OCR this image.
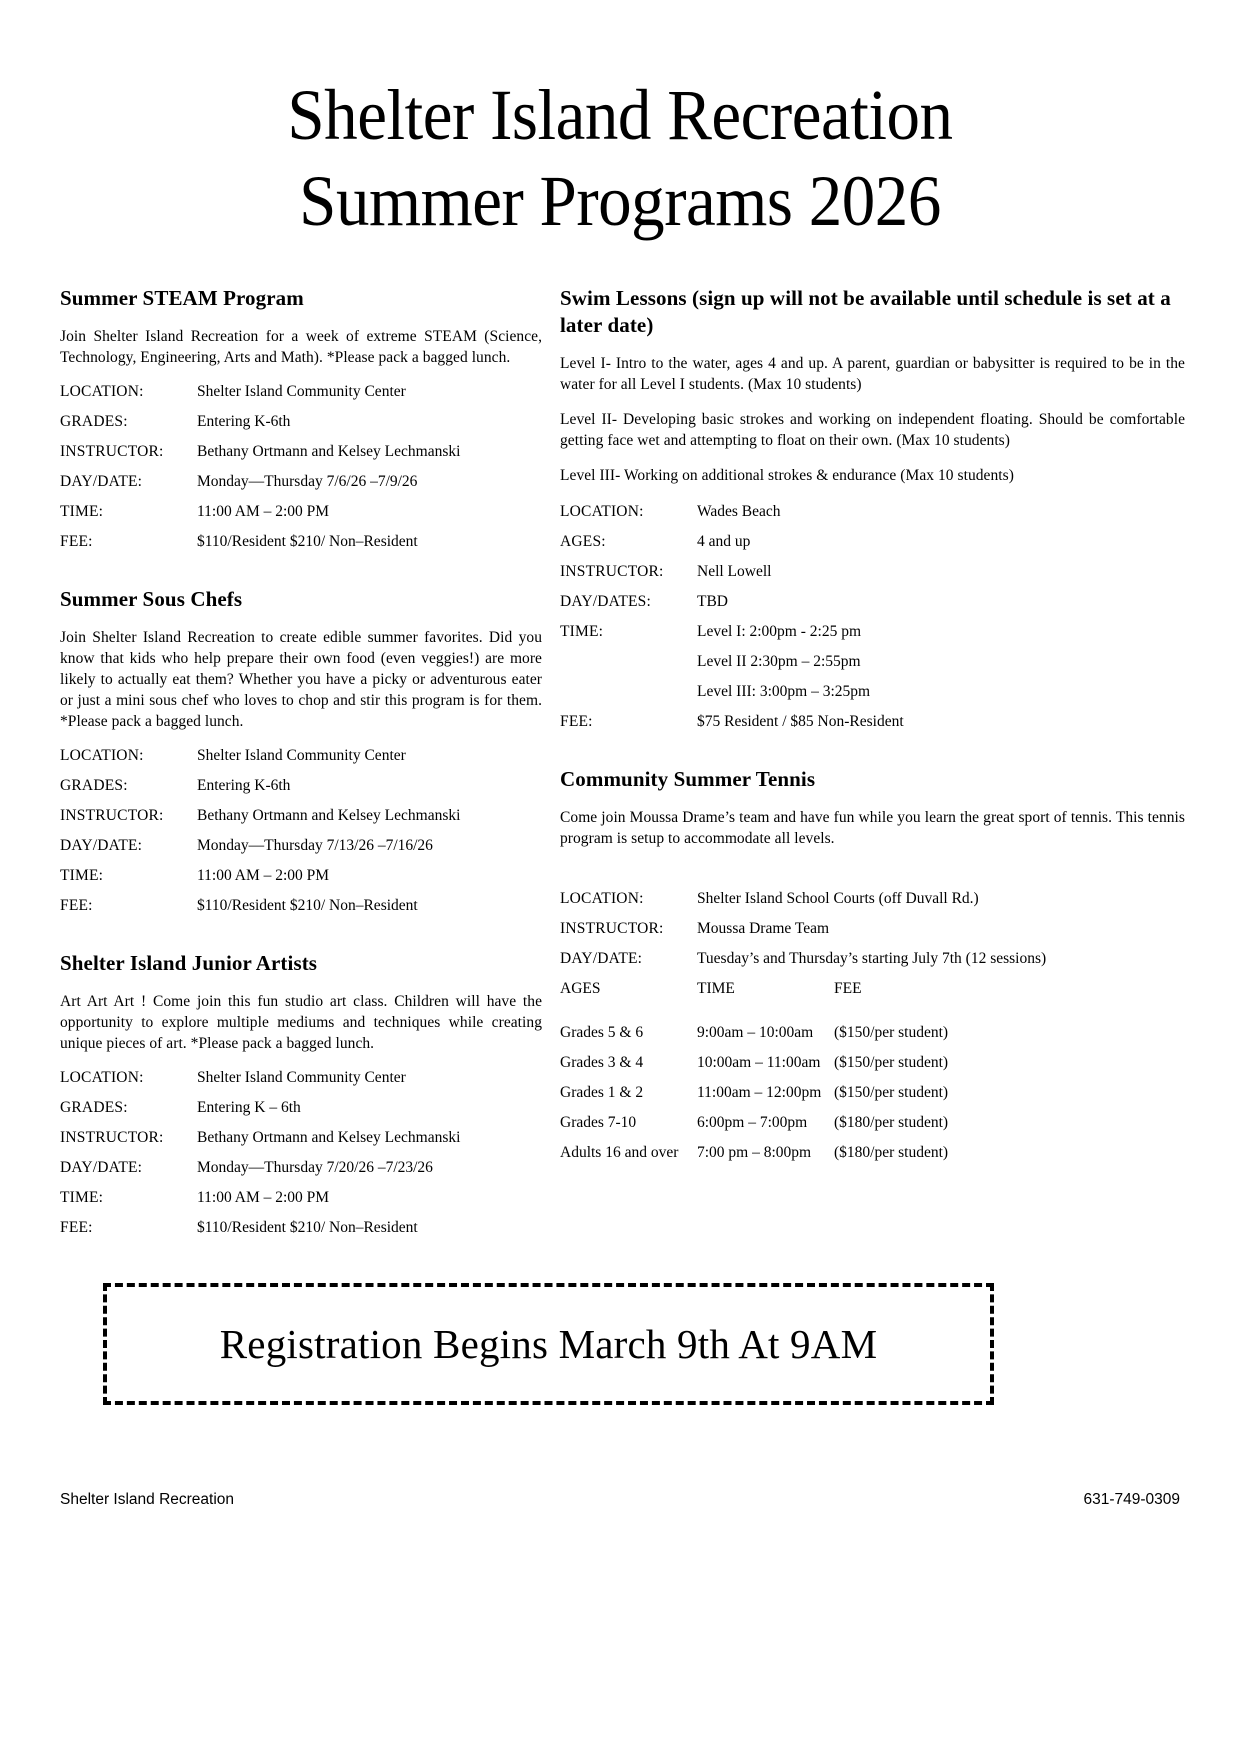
Shelter Island Recreation
Summer Programs 2026
Summer STEAM Program

Join Shelter Island Recreation for a week of extreme STEAM (Science, Technology, Engineering, Arts and Math). *Please pack a bagged lunch.

LOCATION:	Shelter Island Community Center
GRADES:	Entering K-6th
INSTRUCTOR:	Bethany Ortmann and Kelsey Lechmanski
DAY/DATE:	Monday—Thursday 7/6/26 –7/9/26
TIME:	11:00 AM – 2:00 PM
FEE:	$110/Resident $210/ Non–Resident
Summer Sous Chefs

Join Shelter Island Recreation to create edible summer favorites. Did you know that kids who help prepare their own food (even veggies!) are more likely to actually eat them? Whether you have a picky or adventurous eater or just a mini sous chef who loves to chop and stir this program is for them. *Please pack a bagged lunch.

LOCATION:	Shelter Island Community Center
GRADES:	Entering K-6th
INSTRUCTOR:	Bethany Ortmann and Kelsey Lechmanski
DAY/DATE:	Monday—Thursday 7/13/26 –7/16/26
TIME:	11:00 AM – 2:00 PM
FEE:	$110/Resident $210/ Non–Resident
Shelter Island Junior Artists

Art Art Art ! Come join this fun studio art class. Children will have the opportunity to explore multiple mediums and techniques while creating unique pieces of art. *Please pack a bagged lunch.

LOCATION:	Shelter Island Community Center
GRADES:	Entering K – 6th
INSTRUCTOR:	Bethany Ortmann and Kelsey Lechmanski
DAY/DATE:	Monday—Thursday 7/20/26 –7/23/26
TIME:	11:00 AM – 2:00 PM
FEE:	$110/Resident $210/ Non–Resident
Swim Lessons (sign up will not be available until schedule is set at a later date)

Level I- Intro to the water, ages 4 and up. A parent, guardian or babysitter is required to be in the water for all Level I students. (Max 10 students)

Level II- Developing basic strokes and working on independent floating. Should be comfortable getting face wet and attempting to float on their own. (Max 10 students)

Level III- Working on additional strokes & endurance (Max 10 students)

LOCATION:	Wades Beach
AGES:	4 and up
INSTRUCTOR:	Nell Lowell
DAY/DATES:	TBD
TIME:	Level I: 2:00pm - 2:25 pm
Level II 2:30pm – 2:55pm
Level III: 3:00pm – 3:25pm
FEE:	$75 Resident / $85 Non-Resident
Community Summer Tennis

Come join Moussa Drame’s team and have fun while you learn the great sport of tennis. This tennis program is setup to accommodate all levels.

LOCATION:	Shelter Island School Courts (off Duvall Rd.)
INSTRUCTOR:	Moussa Drame Team
DAY/DATE:	Tuesday’s and Thursday’s starting July 7th (12 sessions)
AGES	TIME	FEE
Grades 5 & 6	9:00am – 10:00am	($150/per student)
Grades 3 & 4	10:00am – 11:00am ($150/per student)
Grades 1 & 2	11:00am – 12:00pm ($150/per student)
Grades 7-10	6:00pm – 7:00pm	($180/per student)
Adults 16 and over	7:00 pm – 8:00pm	($180/per student)
Registration Begins March 9th At 9AM
Shelter Island Recreation	631-749-0309
